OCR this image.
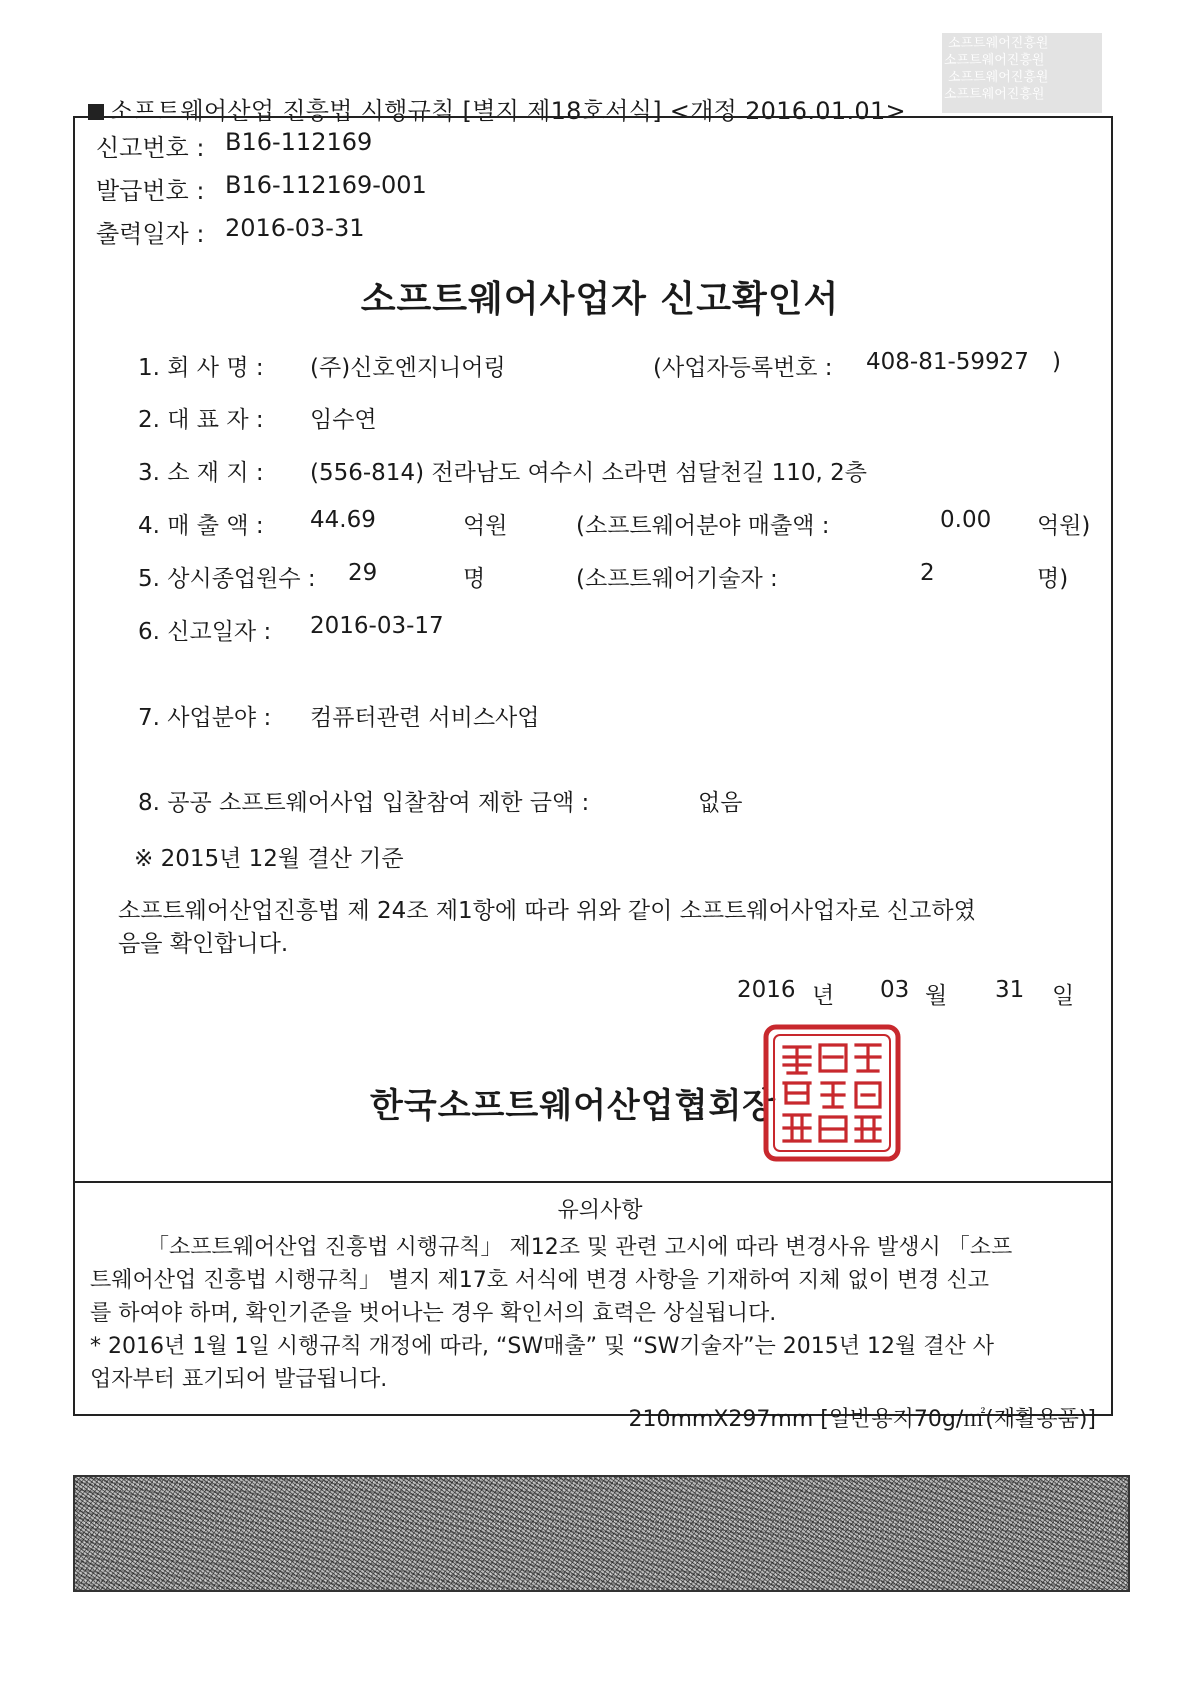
소프트웨어산업 진흥법 시행규칙 [별지 제18호서식] <개정 2016.01.01>
소프트웨어진흥원
소프트웨어진흥원
소프트웨어진흥원
소프트웨어진흥원
신고번호 : B16-112169
발급번호 : B16-112169-001
출력일자 : 2016-03-31
소프트웨어사업자 신고확인서
1. 회 사 명 : (주)신호엔지니어링	(사업자등록번호 : 408-81-59927 )
2. 대 표 자 : 임수연
3. 소 재 지 : (556-814) 전라남도 여수시 소라면 섬달천길 110, 2층
4. 매 출 액 : 44.69	억원	(소프트웨어분야 매출액 :	0.00 억원)
5. 상시종업원수 : 29	명	(소프트웨어기술자 :	2	명)
6. 신고일자 : 2016-03-17
7. 사업분야 : 컴퓨터관련 서비스사업
8. 공공 소프트웨어사업 입찰참여 제한 금액 :	없음
※ 2015년 12월 결산 기준
소프트웨어산업진흥법 제 24조 제1항에 따라 위와 같이 소프트웨어사업자로 신고하였
음을 확인합니다.
2016 년 03 월 31 일
한국소프트웨어산업협회장
유의사항
「소프트웨어산업 진흥법 시행규칙」 제12조 및 관련 고시에 따라 변경사유 발생시 「소프
트웨어산업 진흥법 시행규칙」 별지 제17호 서식에 변경 사항을 기재하여 지체 없이 변경 신고
를 하여야 하며, 확인기준을 벗어나는 경우 확인서의 효력은 상실됩니다.
* 2016년 1월 1일 시행규칙 개정에 따라, “SW매출” 및 “SW기술자”는 2015년 12월 결산 사
업자부터 표기되어 발급됩니다.
210mmX297mm [일반용지70g/㎡(재활용품)]
